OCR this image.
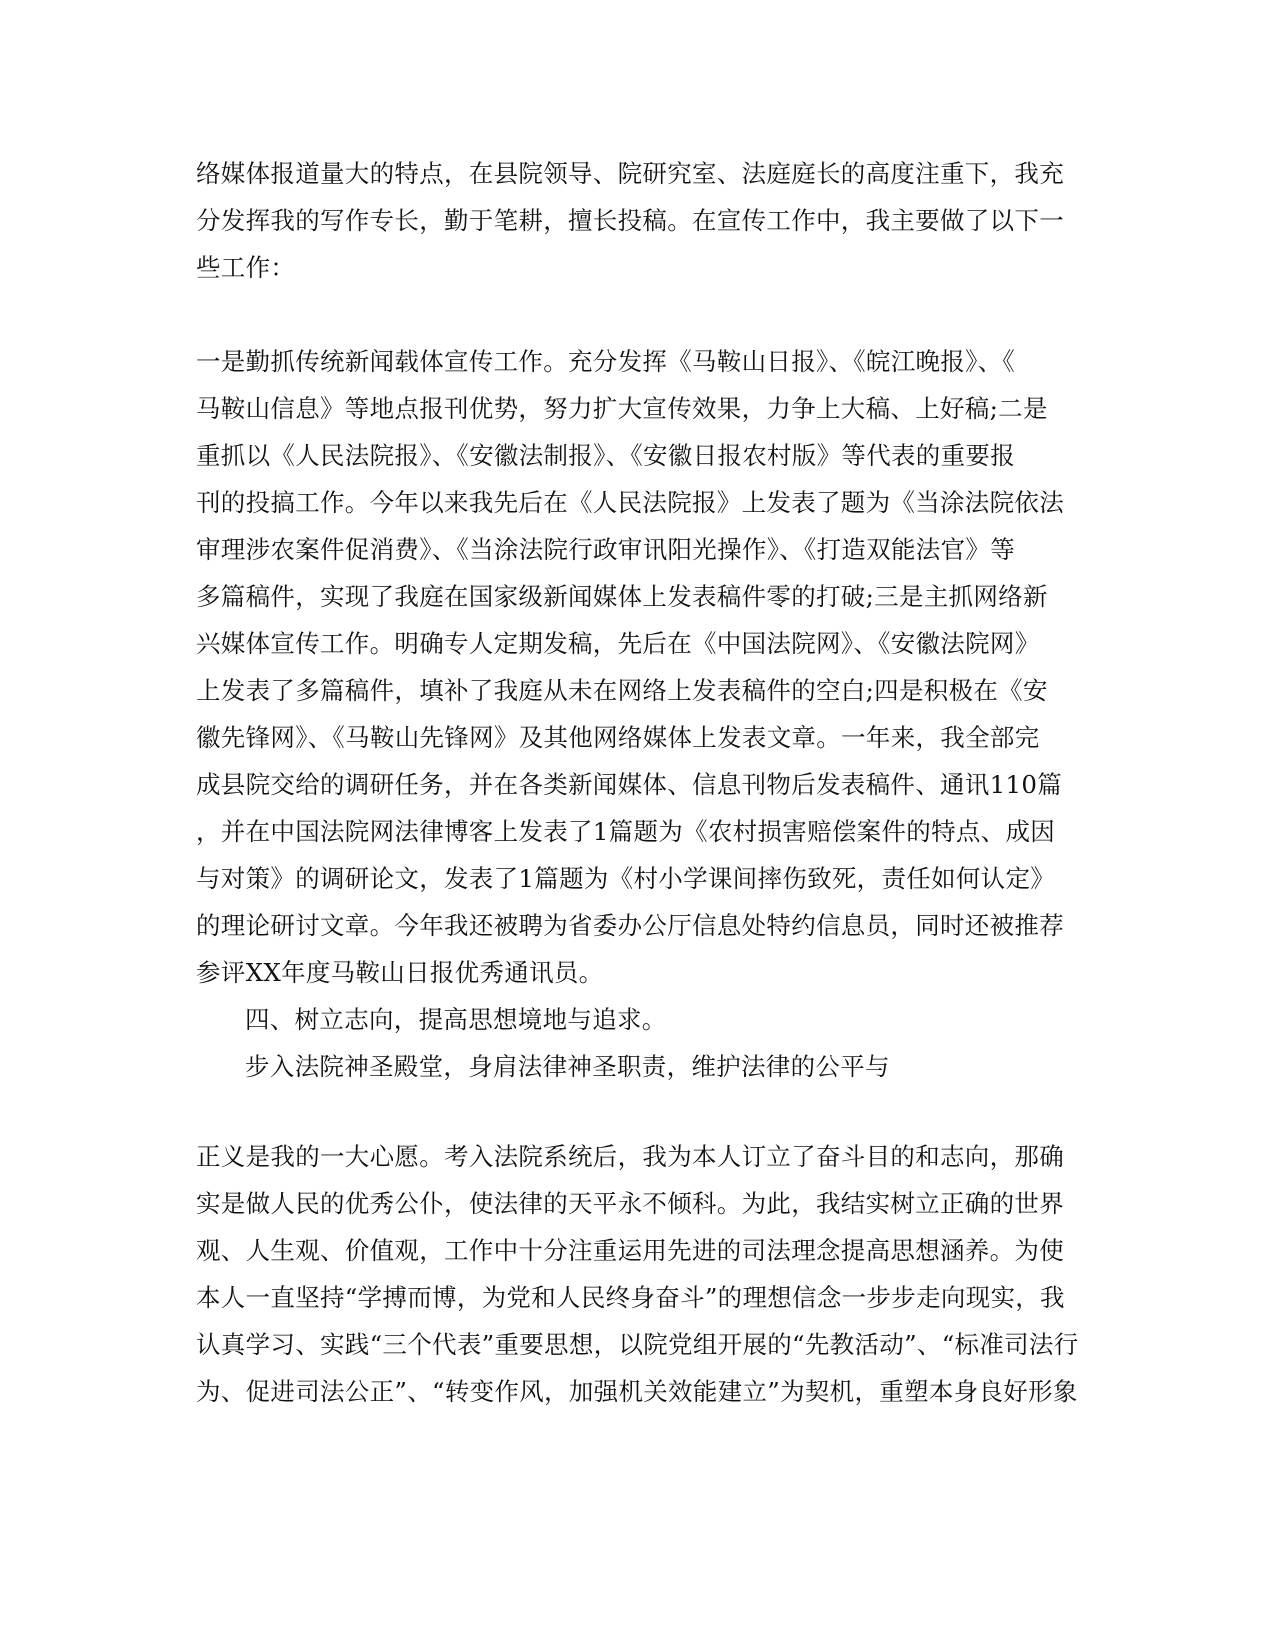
络媒体报道量大的特点，在县院领导、院研究室、法庭庭长的高度注重下，我充
分发挥我的写作专长，勤于笔耕，擅长投稿。在宣传工作中，我主要做了以下一
些工作：
一是勤抓传统新闻载体宣传工作。充分发挥《马鞍山日报》、《皖江晚报》、《
马鞍山信息》等地点报刊优势，努力扩大宣传效果，力争上大稿、上好稿;二是
重抓以《人民法院报》、《安徽法制报》、《安徽日报农村版》等代表的重要报
刊的投搞工作。今年以来我先后在《人民法院报》上发表了题为《当涂法院依法
审理涉农案件促消费》、《当涂法院行政审讯阳光操作》、《打造双能法官》等
多篇稿件，实现了我庭在国家级新闻媒体上发表稿件零的打破;三是主抓网络新
兴媒体宣传工作。明确专人定期发稿，先后在《中国法院网》、《安徽法院网》
上发表了多篇稿件，填补了我庭从未在网络上发表稿件的空白;四是积极在《安
徽先锋网》、《马鞍山先锋网》及其他网络媒体上发表文章。一年来，我全部完
成县院交给的调研任务，并在各类新闻媒体、信息刊物后发表稿件、通讯110篇
，并在中国法院网法律博客上发表了1篇题为《农村损害赔偿案件的特点、成因
与对策》的调研论文，发表了1篇题为《村小学课间摔伤致死，责任如何认定》
的理论研讨文章。今年我还被聘为省委办公厅信息处特约信息员，同时还被推荐
参评XX年度马鞍山日报优秀通讯员。
四、树立志向，提高思想境地与追求。
步入法院神圣殿堂，身肩法律神圣职责，维护法律的公平与
正义是我的一大心愿。考入法院系统后，我为本人订立了奋斗目的和志向，那确
实是做人民的优秀公仆，使法律的天平永不倾科。为此，我结实树立正确的世界
观、人生观、价值观，工作中十分注重运用先进的司法理念提高思想涵养。为使
本人一直坚持“学搏而博，为党和人民终身奋斗”的理想信念一步步走向现实，我
认真学习、实践“三个代表”重要思想，以院党组开展的“先教活动”、“标准司法行
为、促进司法公正”、“转变作风，加强机关效能建立”为契机，重塑本身良好形象
